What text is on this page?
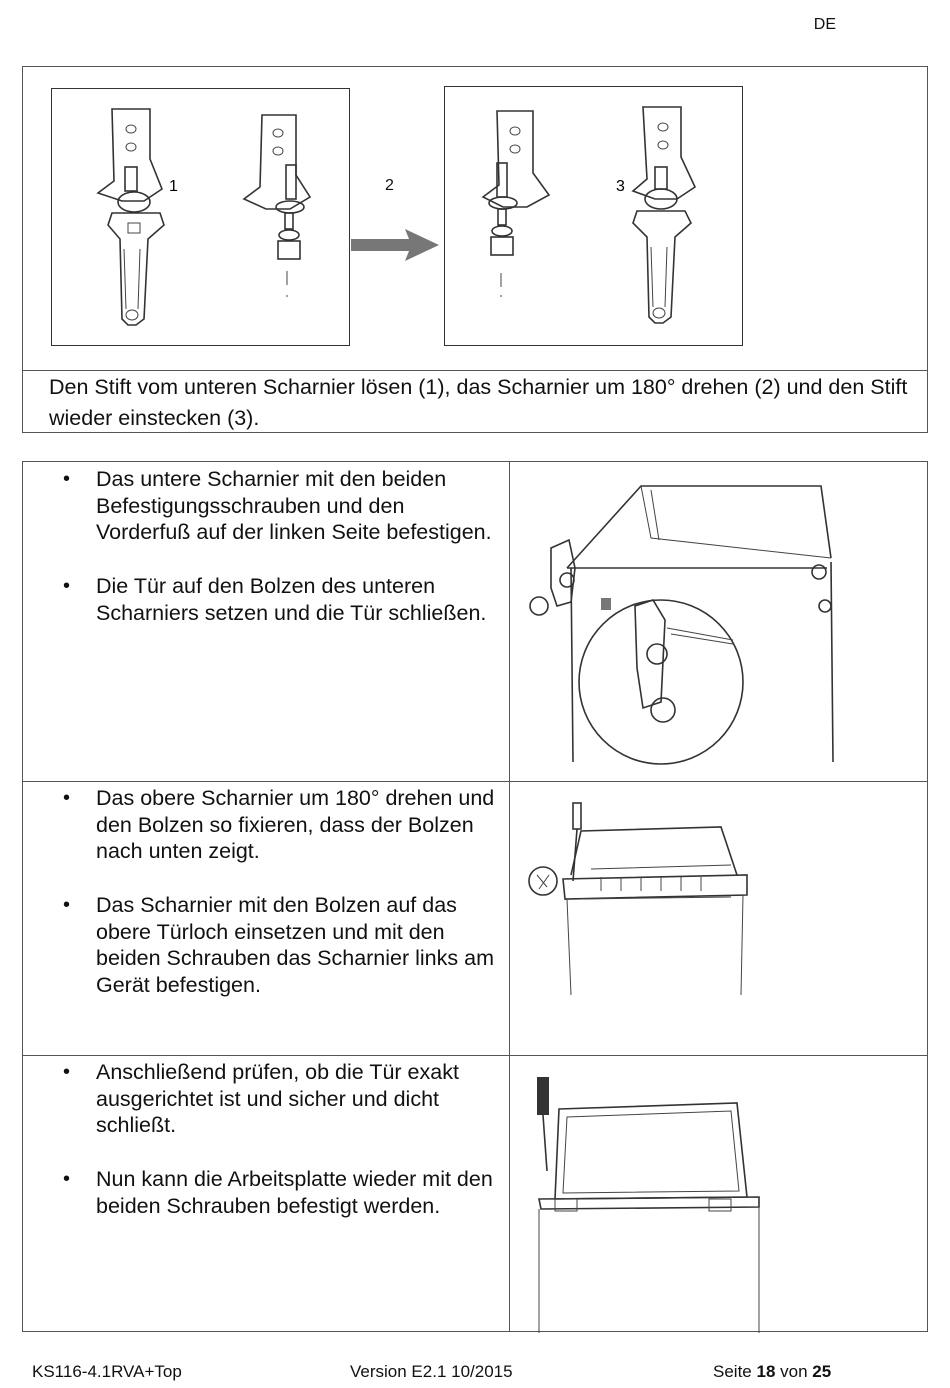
DE
1	2	3
Den Stift vom unteren Scharnier lösen (1), das Scharnier um 180° drehen (2) und den Stift wieder einstecken (3).
• Das untere Scharnier mit den beiden Befestigungsschrauben und den Vorderfuß auf der linken Seite befestigen.
• Die Tür auf den Bolzen des unteren Scharniers setzen und die Tür schließen.
• Das obere Scharnier um 180° drehen und den Bolzen so fixieren, dass der Bolzen nach unten zeigt.
• Das Scharnier mit den Bolzen auf das obere Türloch einsetzen und mit den beiden Schrauben das Scharnier links am Gerät befestigen.
• Anschließend prüfen, ob die Tür exakt ausgerichtet ist und sicher und dicht schließt.
• Nun kann die Arbeitsplatte wieder mit den beiden Schrauben befestigt werden.
KS116-4.1RVA+Top	Version E2.1 10/2015	Seite 18 von 25
